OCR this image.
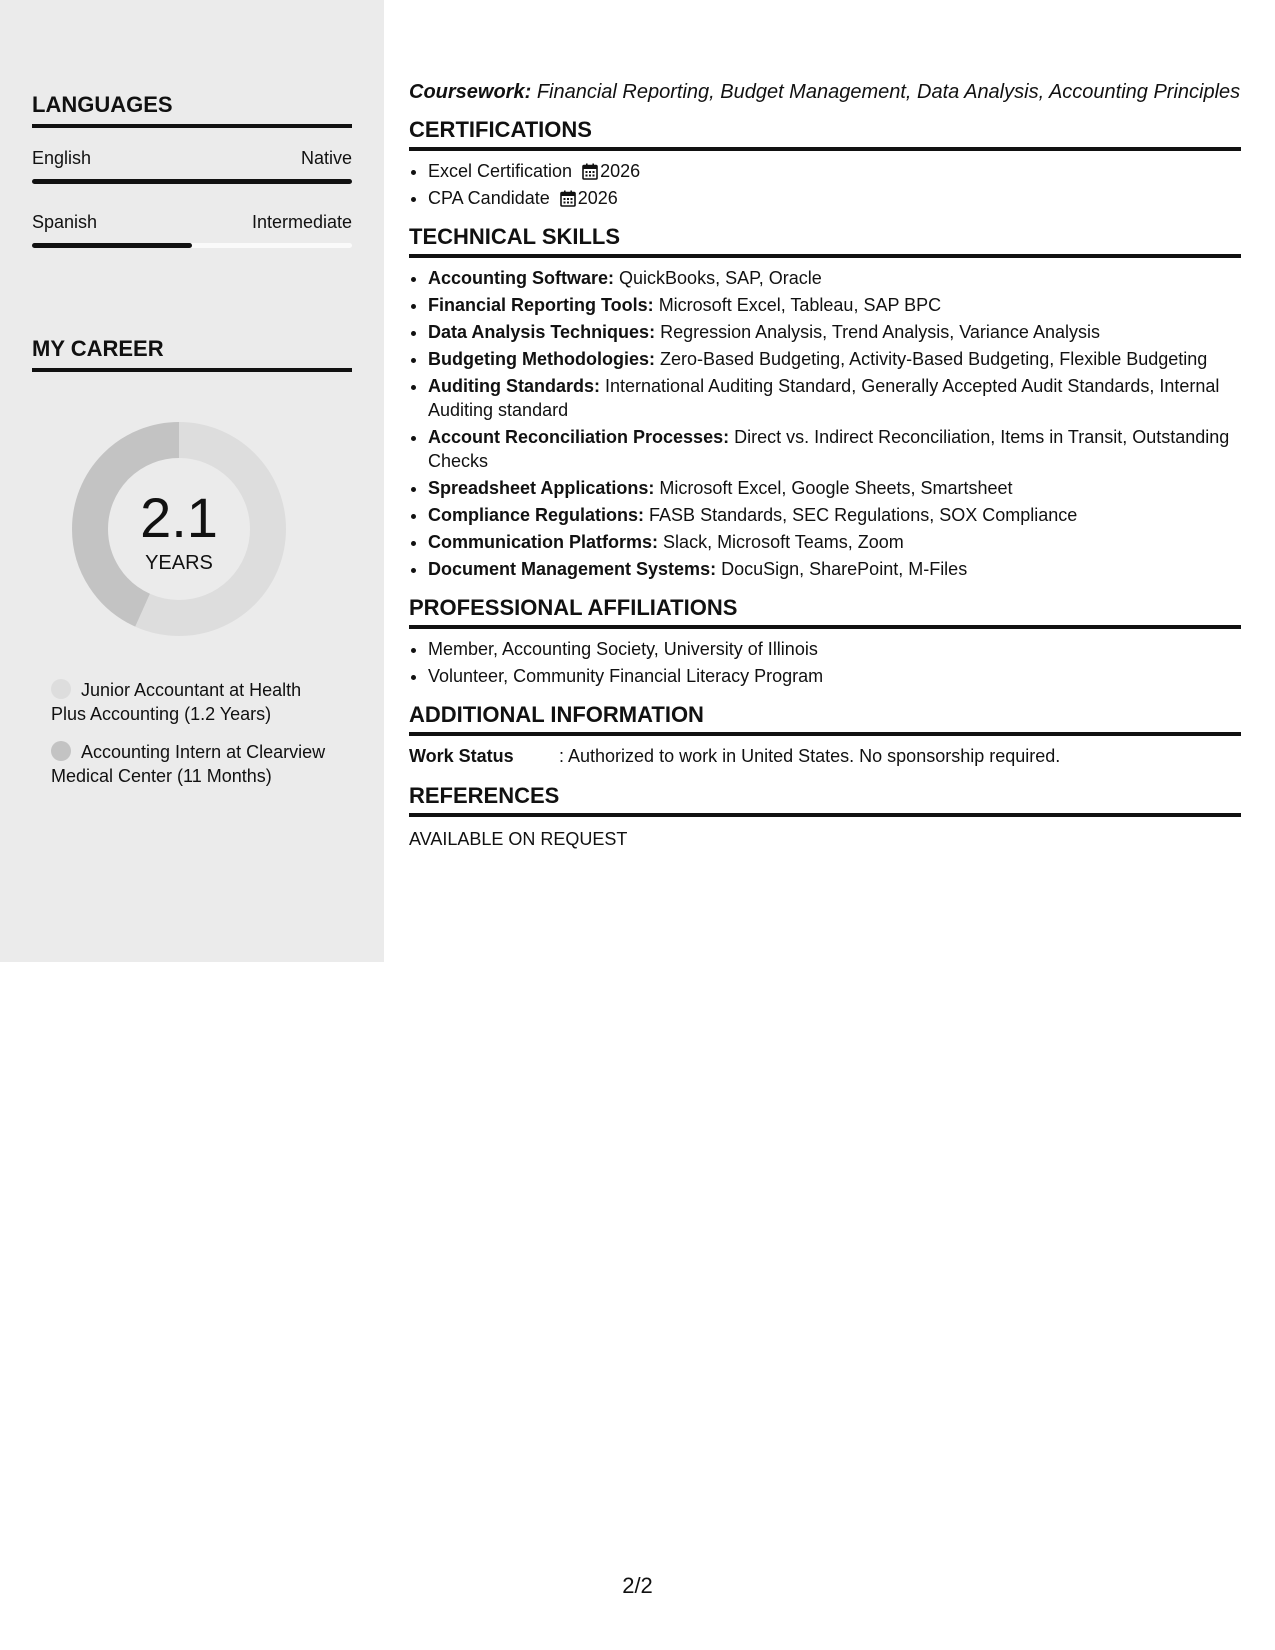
LANGUAGES
English	Native
Spanish	Intermediate
MY CAREER
2.1
YEARS
Junior Accountant at Health Plus Accounting (1.2 Years)
Accounting Intern at Clearview Medical Center (11 Months)

Coursework: Financial Reporting, Budget Management, Data Analysis, Accounting Principles

CERTIFICATIONS
• Excel Certification 2026
• CPA Candidate 2026
TECHNICAL SKILLS
• Accounting Software: QuickBooks, SAP, Oracle
• Financial Reporting Tools: Microsoft Excel, Tableau, SAP BPC
• Data Analysis Techniques: Regression Analysis, Trend Analysis, Variance Analysis
• Budgeting Methodologies: Zero-Based Budgeting, Activity-Based Budgeting, Flexible Budgeting
• Auditing Standards: International Auditing Standard, Generally Accepted Audit Standards, Internal Auditing standard
• Account Reconciliation Processes: Direct vs. Indirect Reconciliation, Items in Transit, Outstanding Checks
• Spreadsheet Applications: Microsoft Excel, Google Sheets, Smartsheet
• Compliance Regulations: FASB Standards, SEC Regulations, SOX Compliance
• Communication Platforms: Slack, Microsoft Teams, Zoom
• Document Management Systems: DocuSign, SharePoint, M-Files
PROFESSIONAL AFFILIATIONS
• Member, Accounting Society, University of Illinois
• Volunteer, Community Financial Literacy Program
ADDITIONAL INFORMATION
Work Status	: Authorized to work in United States. No sponsorship required.
REFERENCES
AVAILABLE ON REQUEST
2/2
